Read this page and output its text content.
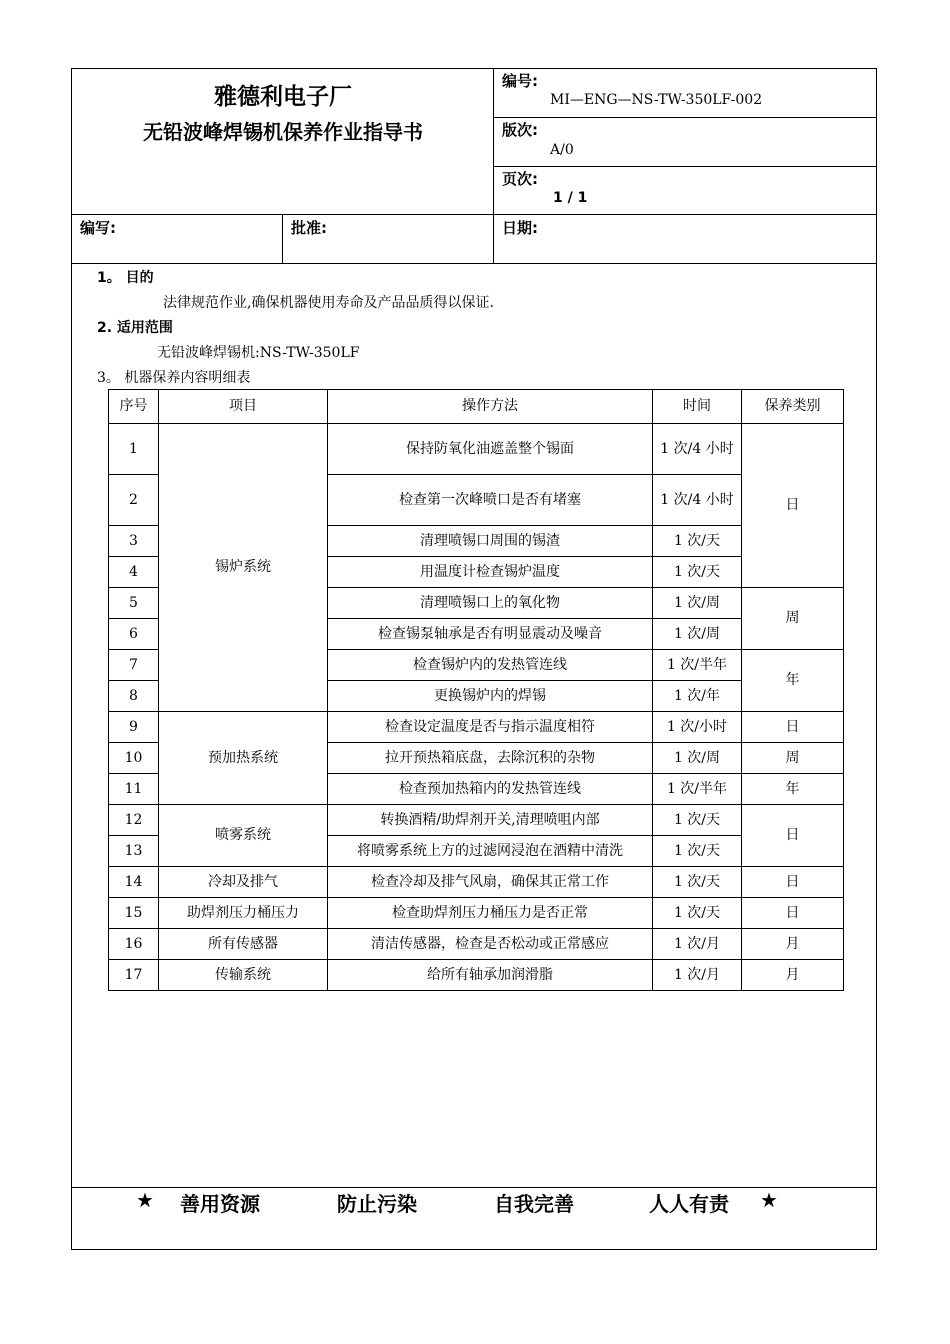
雅德利电子厂
无铅波峰焊锡机保养作业指导书
编号:
MI—ENG—NS-TW-350LF-002
版次:
A/0
页次:
1 / 1
编写:	批准:	日期:
1。 目的
法律规范作业,确保机器使用寿命及产品品质得以保证.
2. 适用范围
无铅波峰焊锡机:NS-TW-350LF
3。 机器保养内容明细表
序号	项目	操作方法	时间	保养类别
1	锡炉系统	保持防氧化油遮盖整个锡面	1 次/4 小时	日
2		检查第一次峰喷口是否有堵塞	1 次/4 小时	
3		清理喷锡口周围的锡渣	1 次/天	
4		用温度计检查锡炉温度	1 次/天	
5		清理喷锡口上的氧化物	1 次/周	周
6		检查锡泵轴承是否有明显震动及噪音	1 次/周	
7		检查锡炉内的发热管连线	1 次/半年	年
8		更换锡炉内的焊锡	1 次/年	
9	预加热系统	检查设定温度是否与指示温度相符	1 次/小时	日
10		拉开预热箱底盘，去除沉积的杂物	1 次/周	周
11		检查预加热箱内的发热管连线	1 次/半年	年
12	喷雾系统	转换酒精/助焊剂开关,清理喷咀内部	1 次/天	日
13		将喷雾系统上方的过滤网浸泡在酒精中清洗	1 次/天	
14	冷却及排气	检查冷却及排气风扇，确保其正常工作	1 次/天	日
15	助焊剂压力桶压力	检查助焊剂压力桶压力是否正常	1 次/天	日
16	所有传感器	清洁传感器，检查是否松动或正常感应	1 次/月	月
17	传输系统	给所有轴承加润滑脂	1 次/月	月
★ 善用资源	防止污染	自我完善	人人有责 ★
